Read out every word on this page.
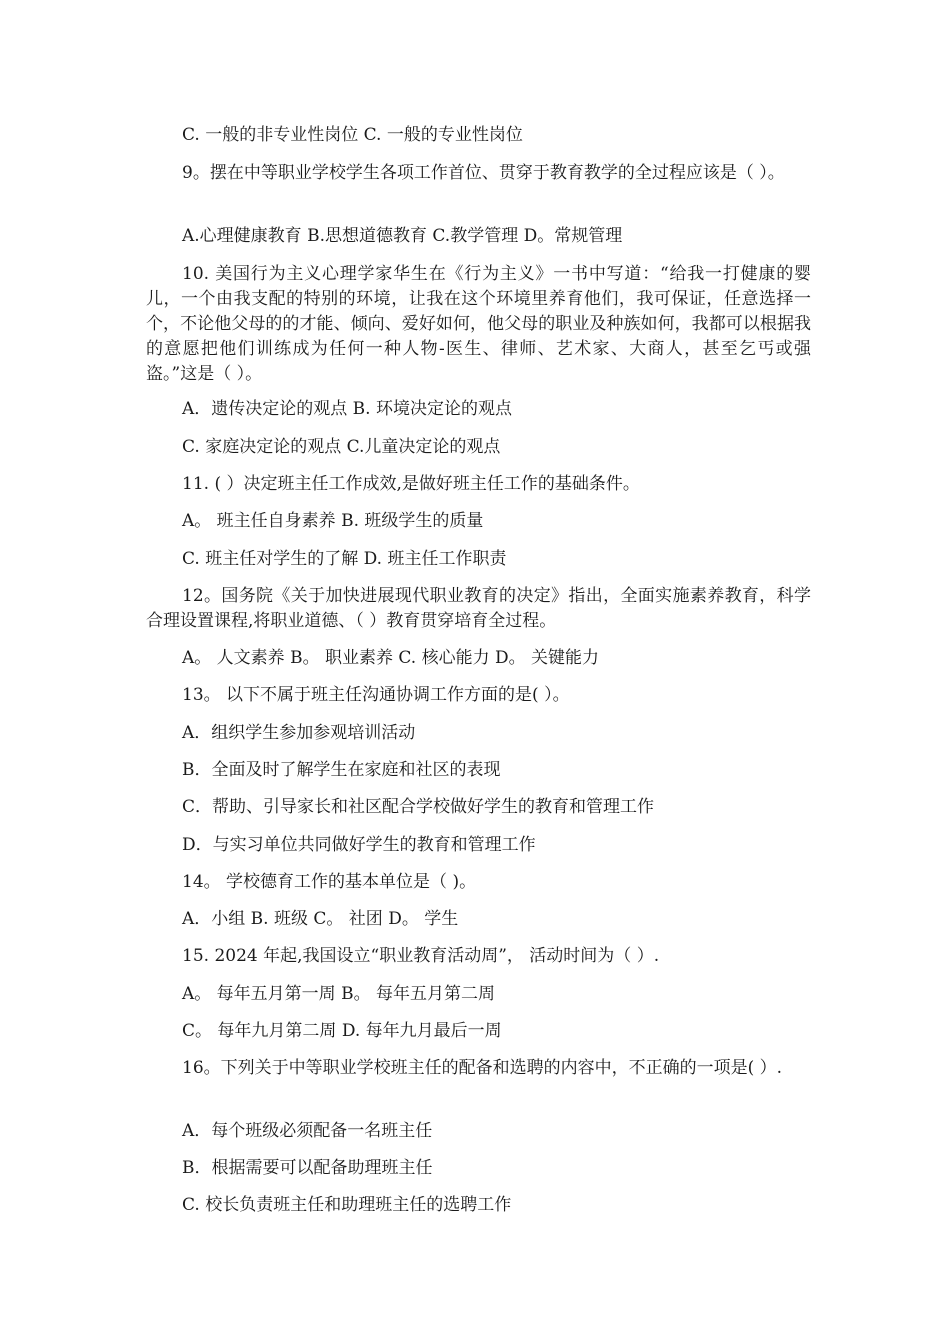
C. 一般的非专业性岗位 C. 一般的专业性岗位

9。摆在中等职业学校学生各项工作首位、贯穿于教育教学的全过程应该是（ ）。

A.心理健康教育 B.思想道德教育 C.教学管理 D。常规管理

10. 美国行为主义心理学家华生在《行为主义》一书中写道：“给我一打健康的婴儿，一个由我支配的特别的环境，让我在这个环境里养育他们，我可保证，任意选择一个，不论他父母的的才能、倾向、爱好如何，他父母的职业及种族如何，我都可以根据我的意愿把他们训练成为任何一种人物-医生、律师、艺术家、大商人，甚至乞丐或强盗。”这是（ ）。

A．遗传决定论的观点 B. 环境决定论的观点

C. 家庭决定论的观点 C.儿童决定论的观点

11. ( ）决定班主任工作成效,是做好班主任工作的基础条件。

A。 班主任自身素养 B. 班级学生的质量

C. 班主任对学生的了解 D. 班主任工作职责

12。国务院《关于加快进展现代职业教育的决定》指出，全面实施素养教育，科学合理设置课程,将职业道德、（ ）教育贯穿培育全过程。

A。 人文素养 B。 职业素养 C. 核心能力 D。 关键能力

13。 以下不属于班主任沟通协调工作方面的是( ）。

A．组织学生参加参观培训活动

B．全面及时了解学生在家庭和社区的表现

C．帮助、引导家长和社区配合学校做好学生的教育和管理工作

D．与实习单位共同做好学生的教育和管理工作

14。 学校德育工作的基本单位是（ )。

A．小组 B. 班级 C。 社团 D。 学生

15. 2024 年起,我国设立“职业教育活动周”， 活动时间为（ ）.

A。 每年五月第一周 B。 每年五月第二周

C。 每年九月第二周 D. 每年九月最后一周

16。下列关于中等职业学校班主任的配备和选聘的内容中，不正确的一项是( ）.

A．每个班级必须配备一名班主任

B．根据需要可以配备助理班主任

C. 校长负责班主任和助理班主任的选聘工作
